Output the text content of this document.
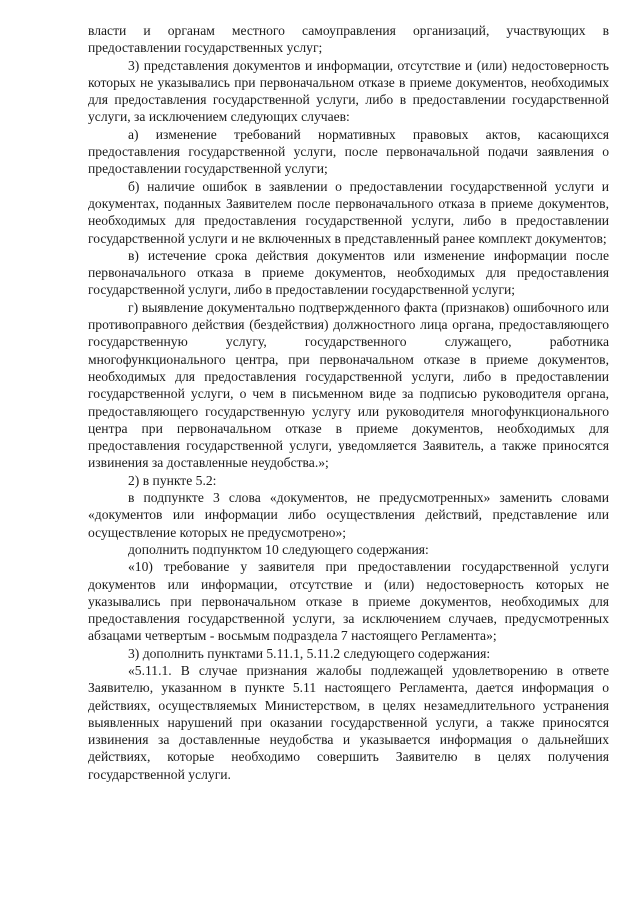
власти и органам местного самоуправления организаций, участвующих в предоставлении государственных услуг;

3) представления документов и информации, отсутствие и (или) недостоверность которых не указывались при первоначальном отказе в приеме документов, необходимых для предоставления государственной услуги, либо в предоставлении государственной услуги, за исключением следующих случаев:

а) изменение требований нормативных правовых актов, касающихся предоставления государственной услуги, после первоначальной подачи заявления о предоставлении государственной услуги;

б) наличие ошибок в заявлении о предоставлении государственной услуги и документах, поданных Заявителем после первоначального отказа в приеме документов, необходимых для предоставления государственной услуги, либо в предоставлении государственной услуги и не включенных в представленный ранее комплект документов;

в) истечение срока действия документов или изменение информации после первоначального отказа в приеме документов, необходимых для предоставления государственной услуги, либо в предоставлении государственной услуги;

г) выявление документально подтвержденного факта (признаков) ошибочного или противоправного действия (бездействия) должностного лица органа, предоставляющего государственную услугу, государственного служащего, работника многофункционального центра, при первоначальном отказе в приеме документов, необходимых для предоставления государственной услуги, либо в предоставлении государственной услуги, о чем в письменном виде за подписью руководителя органа, предоставляющего государственную услугу или руководителя многофункционального центра при первоначальном отказе в приеме документов, необходимых для предоставления государственной услуги, уведомляется Заявитель, а также приносятся извинения за доставленные неудобства.»;

2) в пункте 5.2:

в подпункте 3 слова «документов, не предусмотренных» заменить словами «документов или информации либо осуществления действий, представление или осуществление которых не предусмотрено»;

дополнить подпунктом 10 следующего содержания:

«10) требование у заявителя при предоставлении государственной услуги документов или информации, отсутствие и (или) недостоверность которых не указывались при первоначальном отказе в приеме документов, необходимых для предоставления государственной услуги, за исключением случаев, предусмотренных абзацами четвертым - восьмым подраздела 7 настоящего Регламента»;

3) дополнить пунктами 5.11.1, 5.11.2 следующего содержания:

«5.11.1. В случае признания жалобы подлежащей удовлетворению в ответе Заявителю, указанном в пункте 5.11 настоящего Регламента, дается информация о действиях, осуществляемых Министерством, в целях незамедлительного устранения выявленных нарушений при оказании государственной услуги, а также приносятся извинения за доставленные неудобства и указывается информация о дальнейших действиях, которые необходимо совершить Заявителю в целях получения государственной услуги.
